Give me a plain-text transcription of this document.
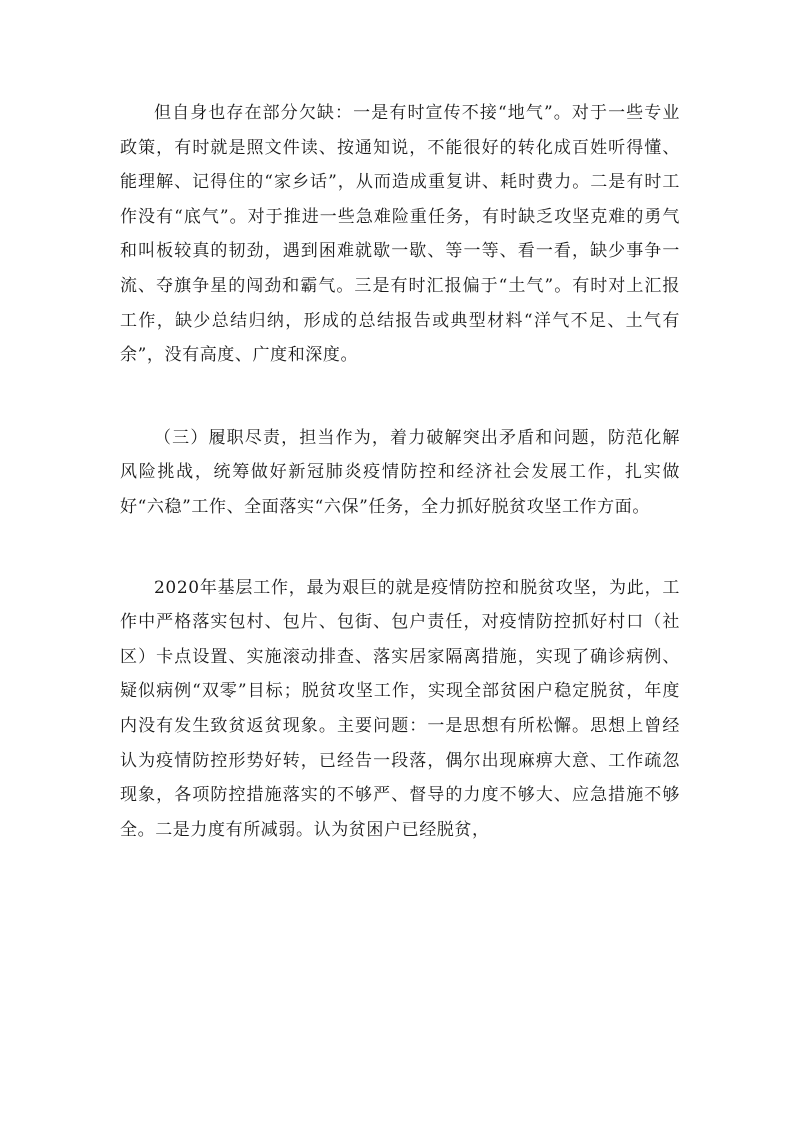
但自身也存在部分欠缺：一是有时宣传不接“地气”。对于一些专业政策，有时就是照文件读、按通知说，不能很好的转化成百姓听得懂、能理解、记得住的“家乡话”，从而造成重复讲、耗时费力。二是有时工作没有“底气”。对于推进一些急难险重任务，有时缺乏攻坚克难的勇气和叫板较真的韧劲，遇到困难就歇一歇、等一等、看一看，缺少事争一流、夺旗争星的闯劲和霸气。三是有时汇报偏于“土气”。有时对上汇报工作，缺少总结归纳，形成的总结报告或典型材料“洋气不足、土气有余”，没有高度、广度和深度。

（三）履职尽责，担当作为，着力破解突出矛盾和问题，防范化解风险挑战，统筹做好新冠肺炎疫情防控和经济社会发展工作，扎实做好“六稳”工作、全面落实“六保”任务，全力抓好脱贫攻坚工作方面。

2020年基层工作，最为艰巨的就是疫情防控和脱贫攻坚，为此，工作中严格落实包村、包片、包街、包户责任，对疫情防控抓好村口（社区）卡点设置、实施滚动排查、落实居家隔离措施，实现了确诊病例、疑似病例“双零”目标；脱贫攻坚工作，实现全部贫困户稳定脱贫，年度内没有发生致贫返贫现象。主要问题：一是思想有所松懈。思想上曾经认为疫情防控形势好转，已经告一段落，偶尔出现麻痹大意、工作疏忽现象，各项防控措施落实的不够严、督导的力度不够大、应急措施不够全。二是力度有所减弱。认为贫困户已经脱贫，
